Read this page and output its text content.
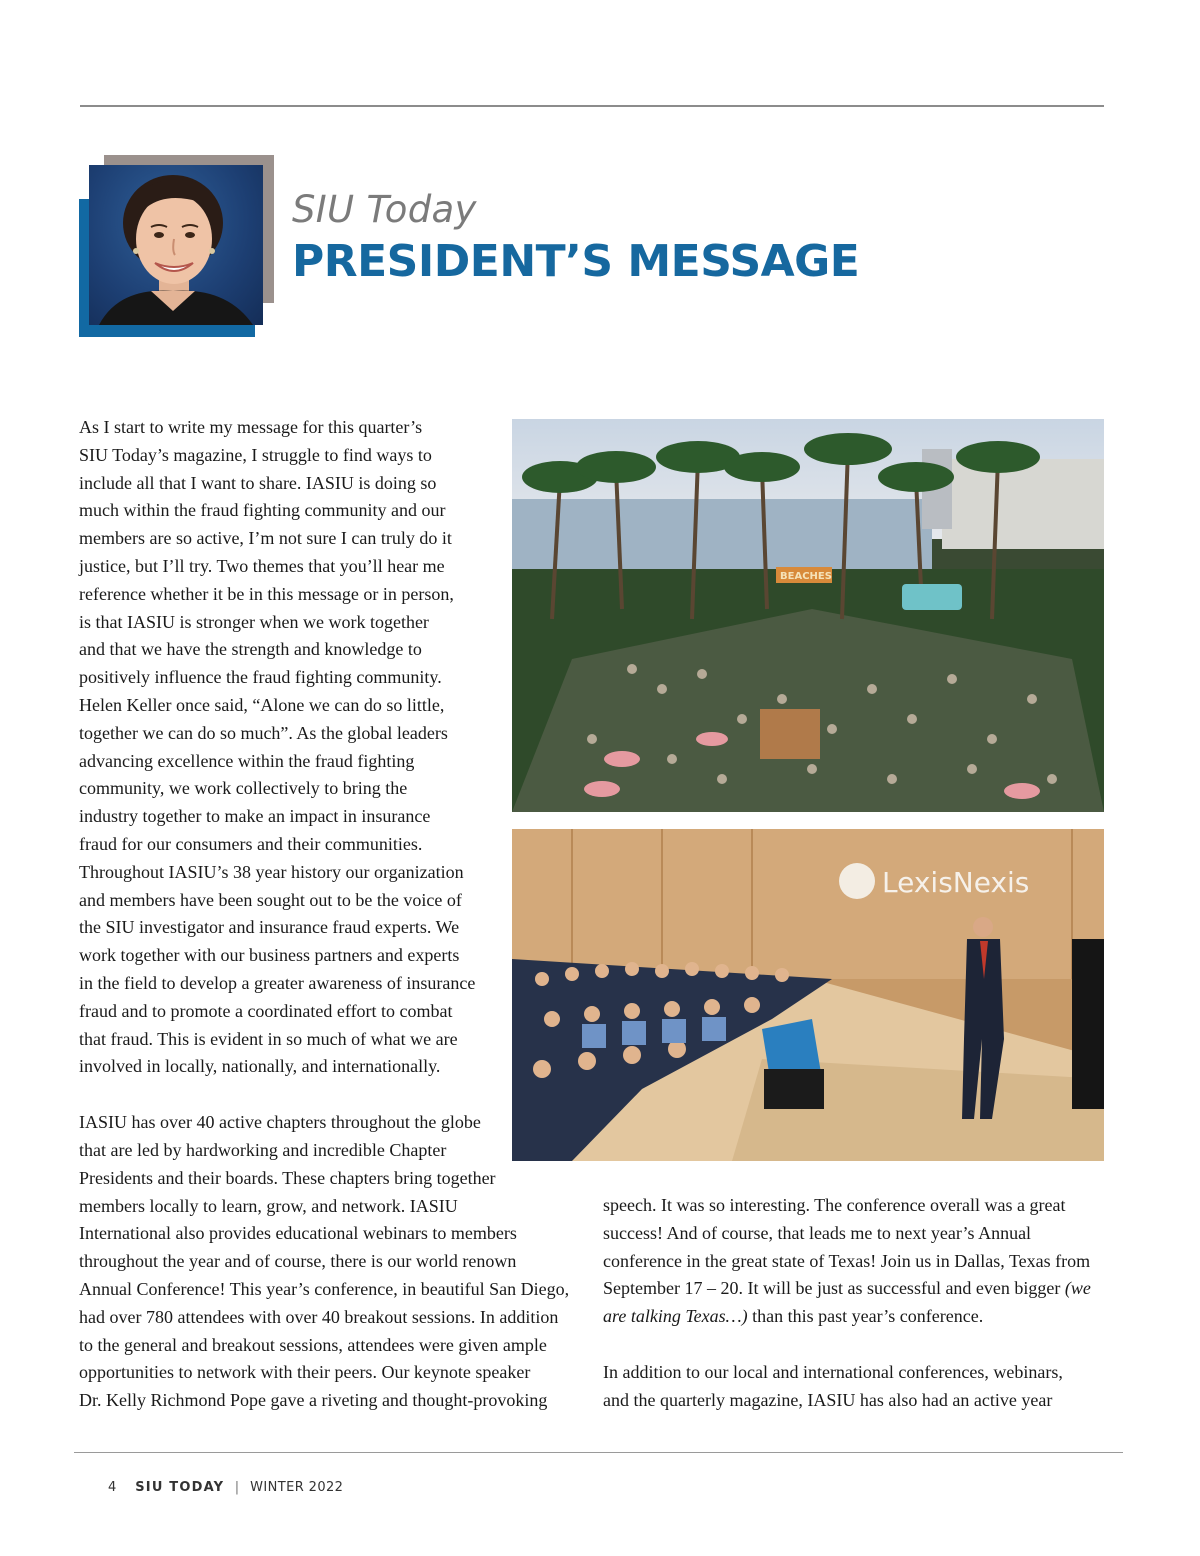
SIU Today
PRESIDENT’S MESSAGE

As I start to write my message for this quarter’s

SIU Today’s magazine, I struggle to find ways to

include all that I want to share. IASIU is doing so

much within the fraud fighting community and our

members are so active, I’m not sure I can truly do it

justice, but I’ll try. Two themes that you’ll hear me

reference whether it be in this message or in person,

is that IASIU is stronger when we work together

and that we have the strength and knowledge to

positively influence the fraud fighting community.

Helen Keller once said, “Alone we can do so little,

together we can do so much”. As the global leaders

advancing excellence within the fraud fighting

community, we work collectively to bring the

industry together to make an impact in insurance

fraud for our consumers and their communities.

Throughout IASIU’s 38 year history our organization

and members have been sought out to be the voice of

the SIU investigator and insurance fraud experts. We

work together with our business partners and experts

in the field to develop a greater awareness of insurance

fraud and to promote a coordinated effort to combat

that fraud. This is evident in so much of what we are

involved in locally, nationally, and internationally.

IASIU has over 40 active chapters throughout the globe

that are led by hardworking and incredible Chapter

Presidents and their boards. These chapters bring together

members locally to learn, grow, and network. IASIU

International also provides educational webinars to members

throughout the year and of course, there is our world renown

Annual Conference! This year’s conference, in beautiful San Diego,

had over 780 attendees with over 40 breakout sessions. In addition

to the general and breakout sessions, attendees were given ample

opportunities to network with their peers. Our keynote speaker

Dr. Kelly Richmond Pope gave a riveting and thought-provoking

BEACHES
LexisNexis

speech. It was so interesting. The conference overall was a great

success! And of course, that leads me to next year’s Annual

conference in the great state of Texas! Join us in Dallas, Texas from

September 17 – 20. It will be just as successful and even bigger (we

are talking Texas…) than this past year’s conference.

In addition to our local and international conferences, webinars,

and the quarterly magazine, IASIU has also had an active year

4 SIU TODAY | WINTER 2022
